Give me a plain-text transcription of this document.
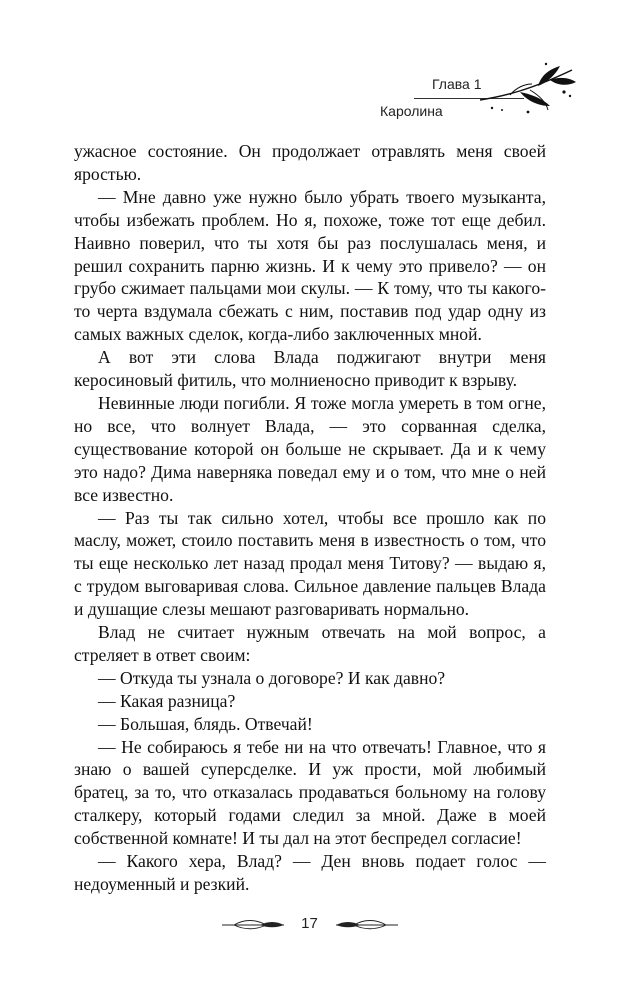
Глава 1
Каролина

ужасное состояние. Он продолжает отравлять меня своей яростью.

— Мне давно уже нужно было убрать твоего музыканта, чтобы избежать проблем. Но я, похоже, тоже тот еще дебил. Наивно поверил, что ты хотя бы раз послушалась меня, и решил сохранить парню жизнь. И к чему это привело? — он грубо сжимает пальцами мои скулы. — К тому, что ты какого-то черта вздумала сбежать с ним, поставив под удар одну из самых важных сделок, когда-либо заключенных мной.

А вот эти слова Влада поджигают внутри меня керосиновый фитиль, что молниеносно приводит к взрыву.

Невинные люди погибли. Я тоже могла умереть в том огне, но все, что волнует Влада, — это сорванная сделка, существование которой он больше не скрывает. Да и к чему это надо? Дима наверняка поведал ему и о том, что мне о ней все известно.

— Раз ты так сильно хотел, чтобы все прошло как по маслу, может, стоило поставить меня в известность о том, что ты еще несколько лет назад продал меня Титову? — выдаю я, с трудом выговаривая слова. Сильное давление пальцев Влада и душащие слезы мешают разговаривать нормально.

Влад не считает нужным отвечать на мой вопрос, а стреляет в ответ своим:

— Откуда ты узнала о договоре? И как давно?

— Какая разница?

— Большая, блядь. Отвечай!

— Не собираюсь я тебе ни на что отвечать! Главное, что я знаю о вашей суперсделке. И уж прости, мой любимый братец, за то, что отказалась продаваться больному на голову сталкеру, который годами следил за мной. Даже в моей собственной комнате! И ты дал на этот беспредел согласие!

— Какого хера, Влад? — Ден вновь подает голос — недоуменный и резкий.

17
